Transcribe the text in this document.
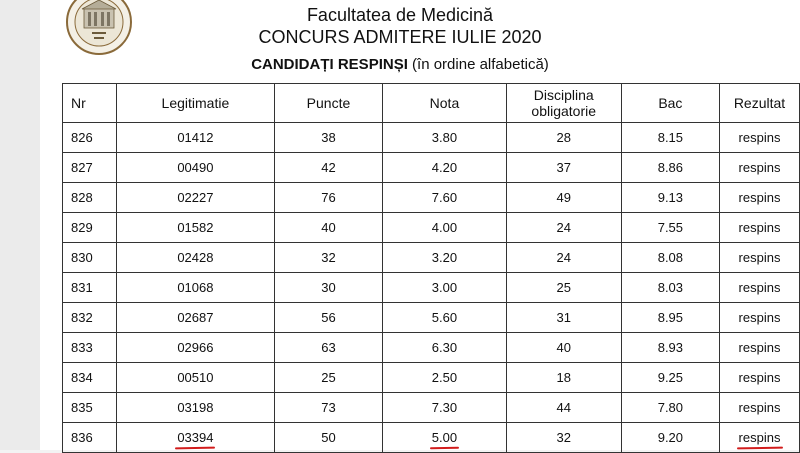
Facultatea de Medicină
CONCURS ADMITERE IULIE 2020
CANDIDAȚI RESPINȘI (în ordine alfabetică)
Nr	Legitimatie	Puncte	Nota	Disciplina obligatorie	Bac	Rezultat
826	01412	38	3.80	28	8.15	respins
827	00490	42	4.20	37	8.86	respins
828	02227	76	7.60	49	9.13	respins
829	01582	40	4.00	24	7.55	respins
830	02428	32	3.20	24	8.08	respins
831	01068	30	3.00	25	8.03	respins
832	02687	56	5.60	31	8.95	respins
833	02966	63	6.30	40	8.93	respins
834	00510	25	2.50	18	9.25	respins
835	03198	73	7.30	44	7.80	respins
836	03394	50	5.00	32	9.20	respins
